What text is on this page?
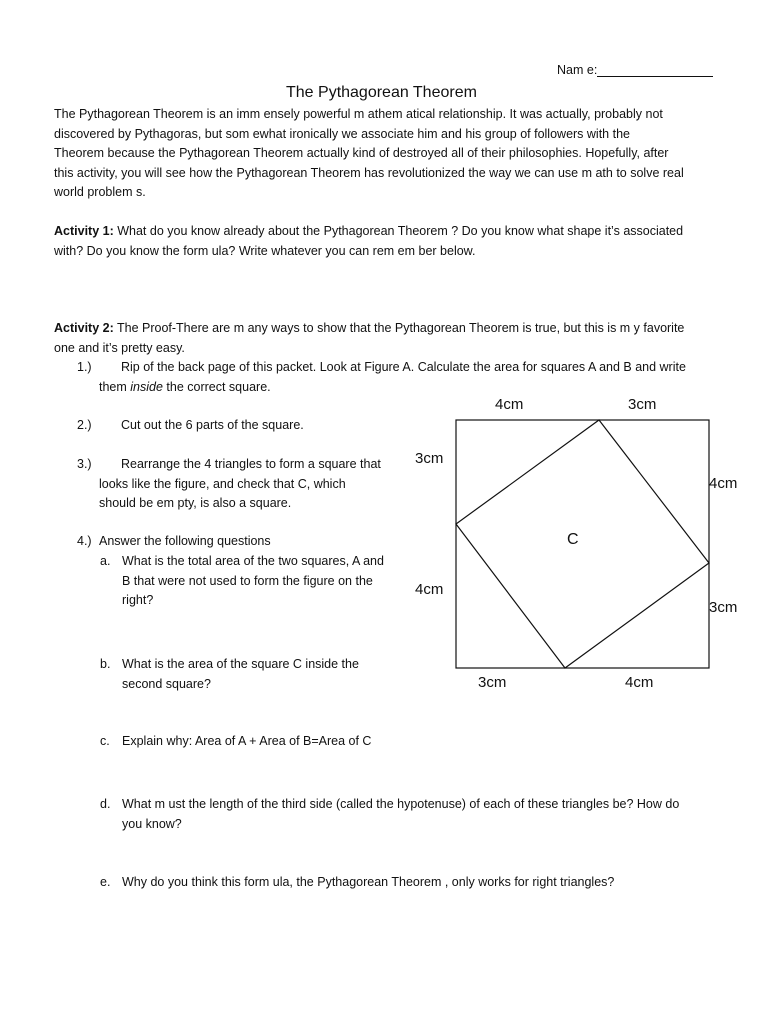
Nam e:
The Pythagorean Theorem
The Pythagorean Theorem is an imm ensely powerful m athem atical relationship. It was actually, probably not
discovered by Pythagoras, but som ewhat ironically we associate him and his group of followers with the
Theorem because the Pythagorean Theorem actually kind of destroyed all of their philosophies. Hopefully, after
this activity, you will see how the Pythagorean Theorem has revolutionized the way we can use m ath to solve real
world problem s.
Activity 1: What do you know already about the Pythagorean Theorem ? Do you know what shape it’s associated
with? Do you know the form ula? Write whatever you can rem em ber below.
Activity 2: The Proof-There are m any ways to show that the Pythagorean Theorem is true, but this is m y favorite
one and it’s pretty easy.
1.) Rip of the back page of this packet. Look at Figure A. Calculate the area for squares A and B and write
them inside the correct square.
2.) Cut out the 6 parts of the square.
3.) Rearrange the 4 triangles to form a square that
looks like the figure, and check that C, which
should be em pty, is also a square.
4.) Answer the following questions
a. What is the total area of the two squares, A and
B that were not used to form the figure on the
right?
b. What is the area of the square C inside the
second square?
c. Explain why: Area of A + Area of B=Area of C
d. What m ust the length of the third side (called the hypotenuse) of each of these triangles be? How do
you know?
e. Why do you think this form ula, the Pythagorean Theorem , only works for right triangles?
4cm	3cm
3cm
4cm
4cm
3cm
3cm	4cm
C
